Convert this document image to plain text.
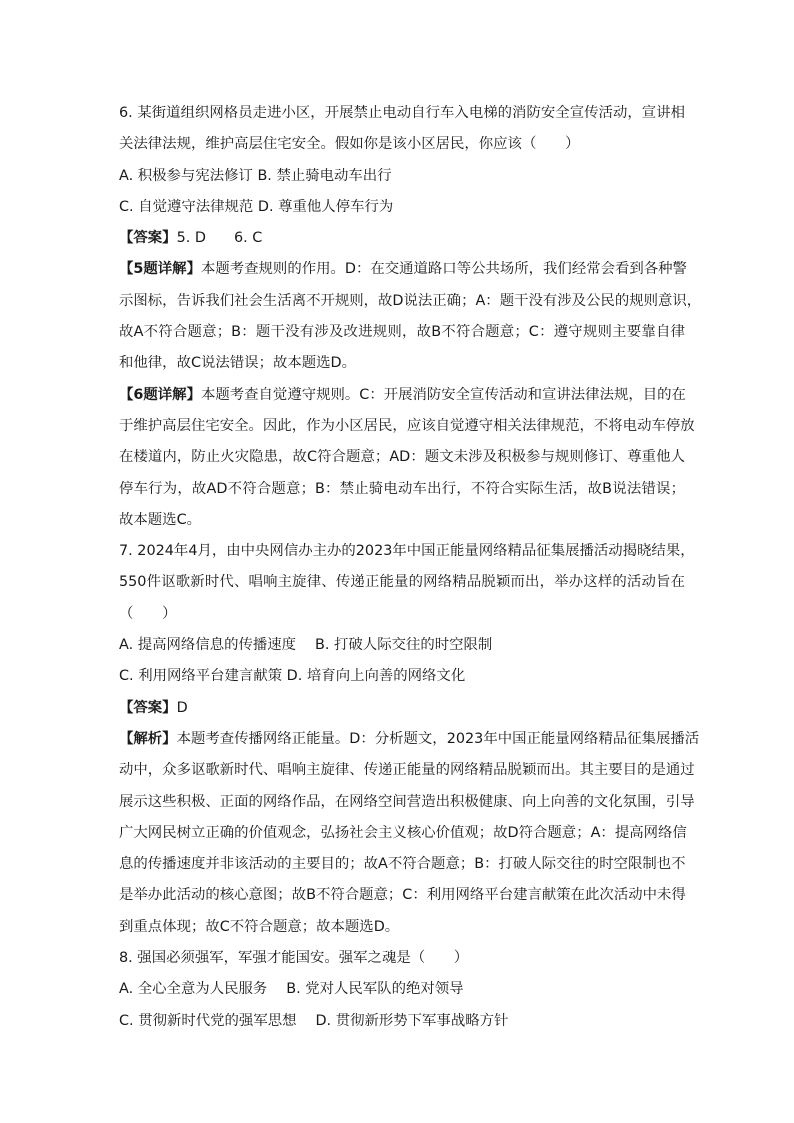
6. 某街道组织网格员走进小区，开展禁止电动自行车入电梯的消防安全宣传活动，宣讲相

关法律法规，维护高层住宅安全。假如你是该小区居民，你应该（　　）

A. 积极参与宪法修订 B. 禁止骑电动车出行

C. 自觉遵守法律规范 D. 尊重他人停车行为

【答案】5. D 6. C

【5题详解】本题考查规则的作用。D：在交通道路口等公共场所，我们经常会看到各种警

示图标，告诉我们社会生活离不开规则，故D说法正确；A：题干没有涉及公民的规则意识，

故A不符合题意；B：题干没有涉及改进规则，故B不符合题意；C：遵守规则主要靠自律

和他律，故C说法错误；故本题选D。

【6题详解】本题考查自觉遵守规则。C：开展消防安全宣传活动和宣讲法律法规，目的在

于维护高层住宅安全。因此，作为小区居民，应该自觉遵守相关法律规范，不将电动车停放

在楼道内，防止火灾隐患，故C符合题意；AD：题文未涉及积极参与规则修订、尊重他人

停车行为，故AD不符合题意；B：禁止骑电动车出行，不符合实际生活，故B说法错误；

故本题选C。

7. 2024年4月，由中央网信办主办的2023年中国正能量网络精品征集展播活动揭晓结果，

550件讴歌新时代、唱响主旋律、传递正能量的网络精品脱颖而出，举办这样的活动旨在

（　　）

A. 提高网络信息的传播速度　 B. 打破人际交往的时空限制

C. 利用网络平台建言献策 D. 培育向上向善的网络文化

【答案】D

【解析】本题考查传播网络正能量。D：分析题文，2023年中国正能量网络精品征集展播活

动中，众多讴歌新时代、唱响主旋律、传递正能量的网络精品脱颖而出。其主要目的是通过

展示这些积极、正面的网络作品，在网络空间营造出积极健康、向上向善的文化氛围，引导

广大网民树立正确的价值观念，弘扬社会主义核心价值观；故D符合题意；A：提高网络信

息的传播速度并非该活动的主要目的；故A不符合题意；B：打破人际交往的时空限制也不

是举办此活动的核心意图；故B不符合题意；C：利用网络平台建言献策在此次活动中未得

到重点体现；故C不符合题意；故本题选D。

8. 强国必须强军，军强才能国安。强军之魂是（　　）

A. 全心全意为人民服务　 B. 党对人民军队的绝对领导

C. 贯彻新时代党的强军思想　 D. 贯彻新形势下军事战略方针
